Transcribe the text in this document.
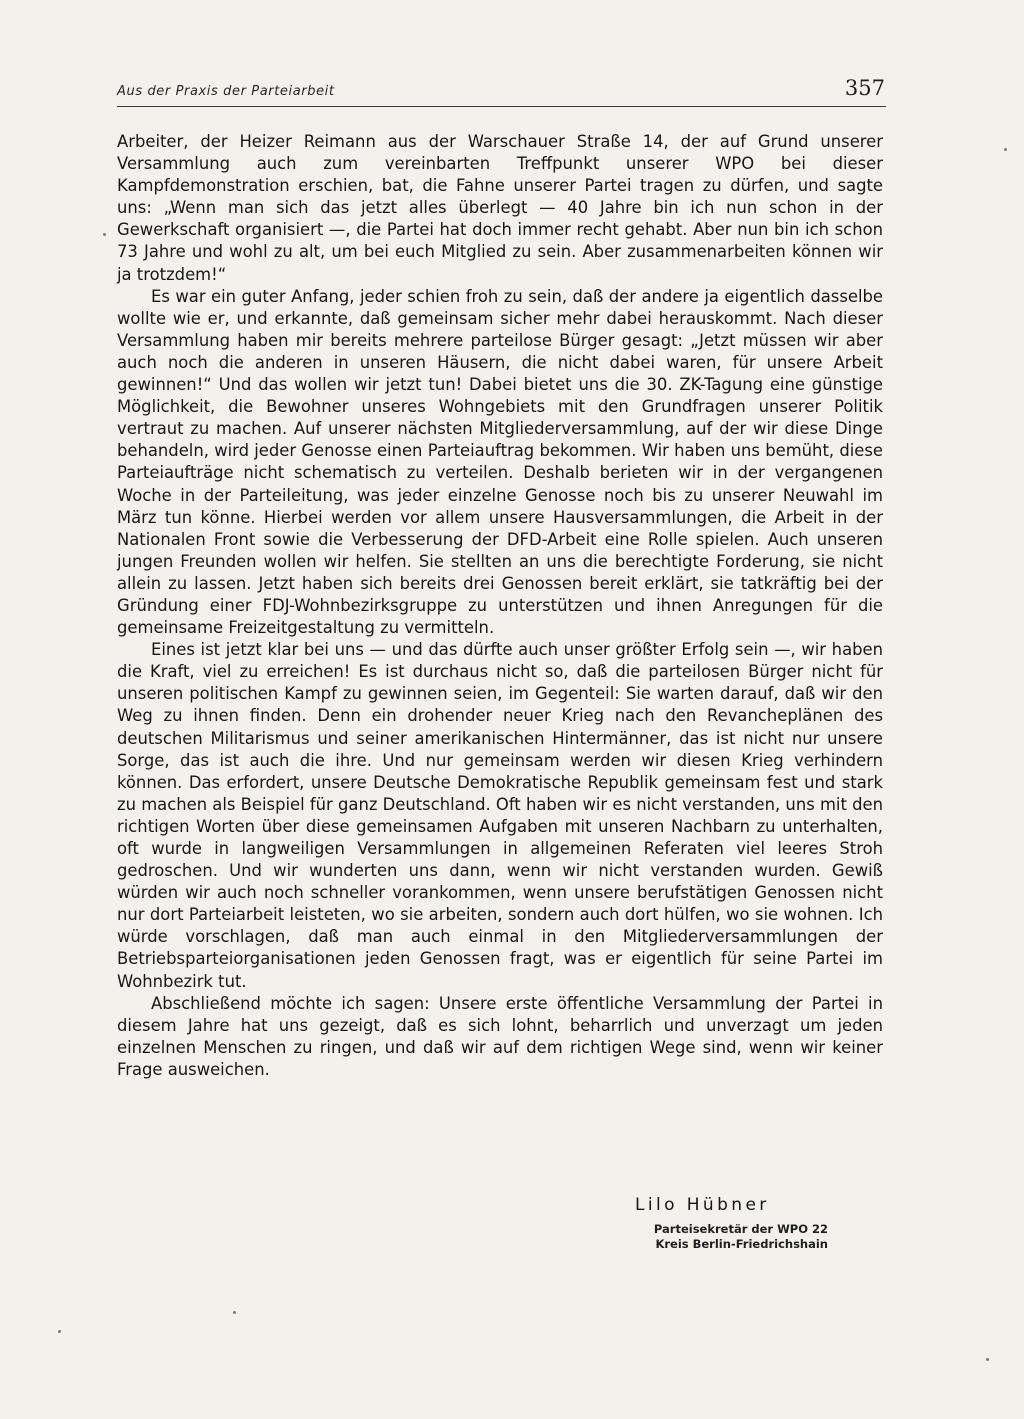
Aus der Praxis der Parteiarbeit	357

Arbeiter, der Heizer Reimann aus der Warschauer Straße 14, der auf Grund unserer Versammlung auch zum vereinbarten Treffpunkt unserer WPO bei dieser Kampfdemonstration erschien, bat, die Fahne unserer Partei tragen zu dürfen, und sagte uns: „Wenn man sich das jetzt alles überlegt — 40 Jahre bin ich nun schon in der Gewerkschaft organisiert —, die Partei hat doch immer recht gehabt. Aber nun bin ich schon 73 Jahre und wohl zu alt, um bei euch Mitglied zu sein. Aber zusammenarbeiten können wir ja trotzdem!“

Es war ein guter Anfang, jeder schien froh zu sein, daß der andere ja eigentlich dasselbe wollte wie er, und erkannte, daß gemeinsam sicher mehr dabei herauskommt. Nach dieser Versammlung haben mir bereits mehrere parteilose Bürger gesagt: „Jetzt müssen wir aber auch noch die anderen in unseren Häusern, die nicht dabei waren, für unsere Arbeit gewinnen!“ Und das wollen wir jetzt tun! Dabei bietet uns die 30. ZK-Tagung eine günstige Möglichkeit, die Bewohner unseres Wohngebiets mit den Grundfragen unserer Politik vertraut zu machen. Auf unserer nächsten Mitgliederversammlung, auf der wir diese Dinge behandeln, wird jeder Genosse einen Parteiauftrag bekommen. Wir haben uns bemüht, diese Parteiaufträge nicht schematisch zu verteilen. Deshalb berieten wir in der vergangenen Woche in der Parteileitung, was jeder einzelne Genosse noch bis zu unserer Neuwahl im März tun könne. Hierbei werden vor allem unsere Hausversammlungen, die Arbeit in der Nationalen Front sowie die Verbesserung der DFD-Arbeit eine Rolle spielen. Auch unseren jungen Freunden wollen wir helfen. Sie stellten an uns die berechtigte Forderung, sie nicht allein zu lassen. Jetzt haben sich bereits drei Genossen bereit erklärt, sie tatkräftig bei der Gründung einer FDJ-Wohnbezirksgruppe zu unterstützen und ihnen Anregungen für die gemeinsame Freizeitgestaltung zu vermitteln.

Eines ist jetzt klar bei uns — und das dürfte auch unser größter Erfolg sein —, wir haben die Kraft, viel zu erreichen! Es ist durchaus nicht so, daß die parteilosen Bürger nicht für unseren politischen Kampf zu gewinnen seien, im Gegenteil: Sie warten darauf, daß wir den Weg zu ihnen finden. Denn ein drohender neuer Krieg nach den Revancheplänen des deutschen Militarismus und seiner amerikanischen Hintermänner, das ist nicht nur unsere Sorge, das ist auch die ihre. Und nur gemeinsam werden wir diesen Krieg verhindern können. Das erfordert, unsere Deutsche Demokratische Republik gemeinsam fest und stark zu machen als Beispiel für ganz Deutschland. Oft haben wir es nicht verstanden, uns mit den richtigen Worten über diese gemeinsamen Aufgaben mit unseren Nachbarn zu unterhalten, oft wurde in langweiligen Versammlungen in allgemeinen Referaten viel leeres Stroh gedroschen. Und wir wunderten uns dann, wenn wir nicht verstanden wurden. Gewiß würden wir auch noch schneller vorankommen, wenn unsere berufstätigen Genossen nicht nur dort Parteiarbeit leisteten, wo sie arbeiten, sondern auch dort hülfen, wo sie wohnen. Ich würde vorschlagen, daß man auch einmal in den Mitgliederversammlungen der Betriebsparteiorganisationen jeden Genossen fragt, was er eigentlich für seine Partei im Wohnbezirk tut.

Abschließend möchte ich sagen: Unsere erste öffentliche Versammlung der Partei in diesem Jahre hat uns gezeigt, daß es sich lohnt, beharrlich und unverzagt um jeden einzelnen Menschen zu ringen, und daß wir auf dem richtigen Wege sind, wenn wir keiner Frage ausweichen.

Lilo Hübner
Parteisekretär der WPO 22
Kreis Berlin-Friedrichshain
